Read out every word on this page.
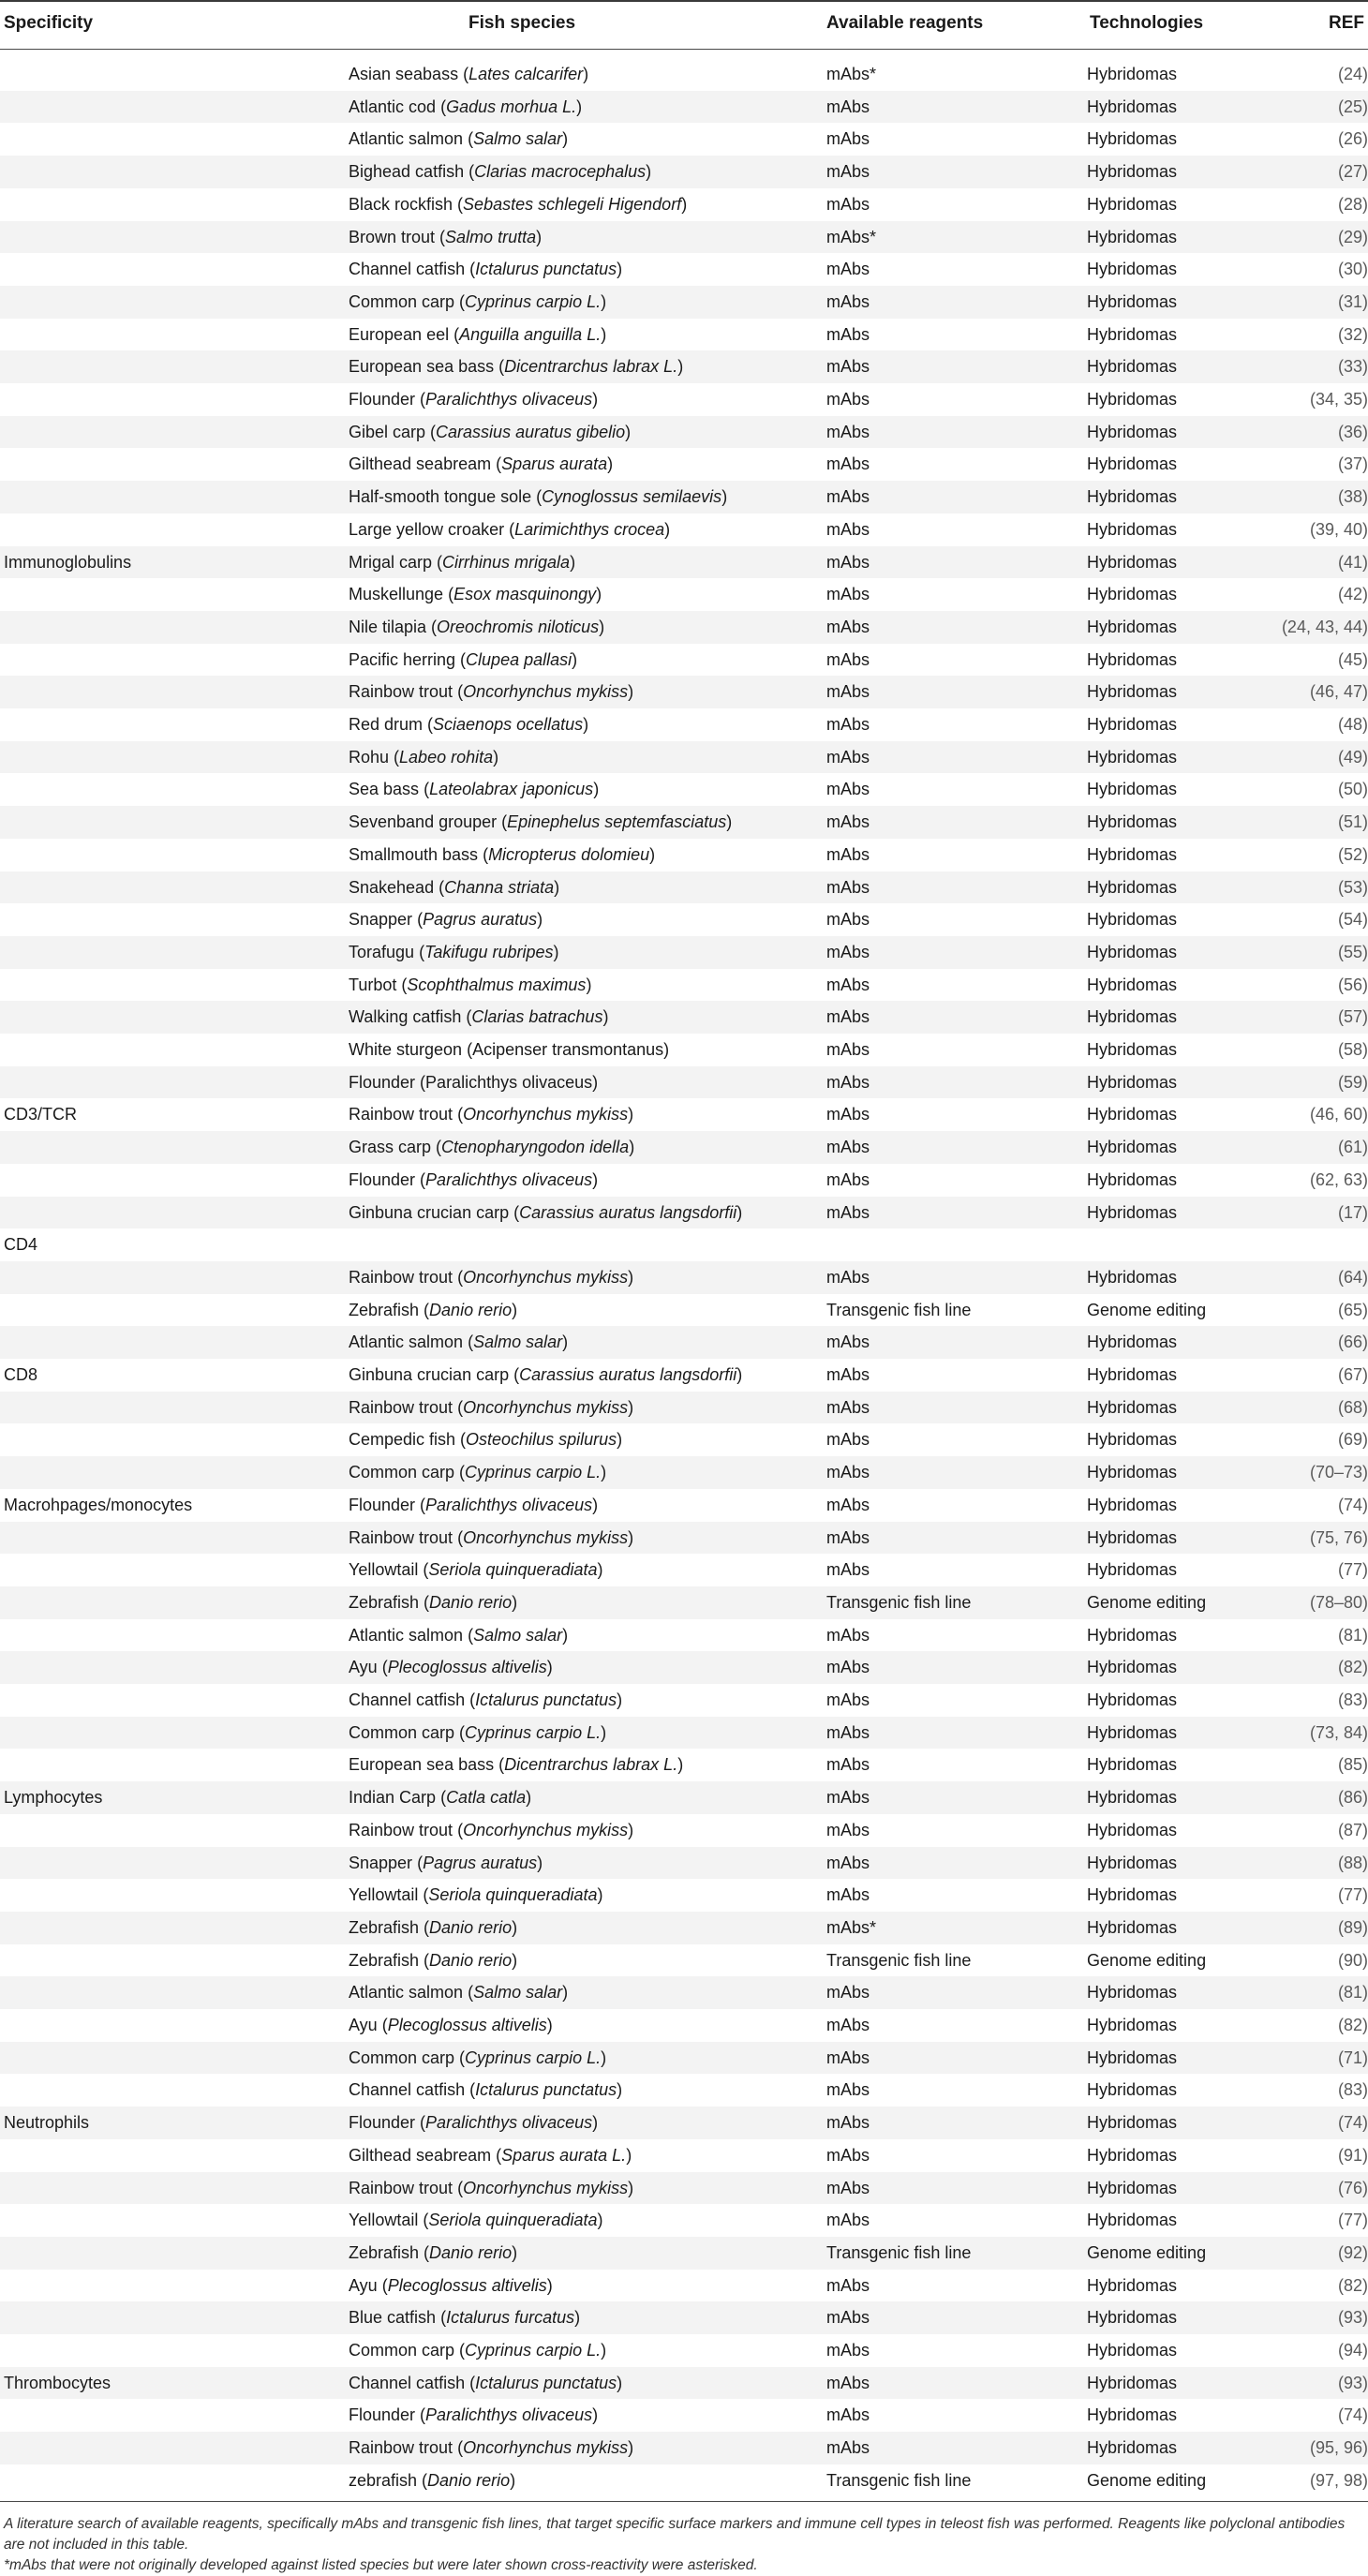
Specificity	Fish species	Available reagents	Technologies	REF
Asian seabass (Lates calcarifer)	mAbs*	Hybridomas	(24)
Atlantic cod (Gadus morhua L.)	mAbs	Hybridomas	(25)
Atlantic salmon (Salmo salar)	mAbs	Hybridomas	(26)
Bighead catfish (Clarias macrocephalus)	mAbs	Hybridomas	(27)
Black rockfish (Sebastes schlegeli Higendorf)	mAbs	Hybridomas	(28)
Brown trout (Salmo trutta)	mAbs*	Hybridomas	(29)
Channel catfish (Ictalurus punctatus)	mAbs	Hybridomas	(30)
Common carp (Cyprinus carpio L.)	mAbs	Hybridomas	(31)
European eel (Anguilla anguilla L.)	mAbs	Hybridomas	(32)
European sea bass (Dicentrarchus labrax L.)	mAbs	Hybridomas	(33)
Flounder (Paralichthys olivaceus)	mAbs	Hybridomas	(34, 35)
Gibel carp (Carassius auratus gibelio)	mAbs	Hybridomas	(36)
Gilthead seabream (Sparus aurata)	mAbs	Hybridomas	(37)
Half-smooth tongue sole (Cynoglossus semilaevis)	mAbs	Hybridomas	(38)
Large yellow croaker (Larimichthys crocea)	mAbs	Hybridomas	(39, 40)
Immunoglobulins	Mrigal carp (Cirrhinus mrigala)	mAbs	Hybridomas	(41)
Muskellunge (Esox masquinongy)	mAbs	Hybridomas	(42)
Nile tilapia (Oreochromis niloticus)	mAbs	Hybridomas	(24, 43, 44)
Pacific herring (Clupea pallasi)	mAbs	Hybridomas	(45)
Rainbow trout (Oncorhynchus mykiss)	mAbs	Hybridomas	(46, 47)
Red drum (Sciaenops ocellatus)	mAbs	Hybridomas	(48)
Rohu (Labeo rohita)	mAbs	Hybridomas	(49)
Sea bass (Lateolabrax japonicus)	mAbs	Hybridomas	(50)
Sevenband grouper (Epinephelus septemfasciatus)	mAbs	Hybridomas	(51)
Smallmouth bass (Micropterus dolomieu)	mAbs	Hybridomas	(52)
Snakehead (Channa striata)	mAbs	Hybridomas	(53)
Snapper (Pagrus auratus)	mAbs	Hybridomas	(54)
Torafugu (Takifugu rubripes)	mAbs	Hybridomas	(55)
Turbot (Scophthalmus maximus)	mAbs	Hybridomas	(56)
Walking catfish (Clarias batrachus)	mAbs	Hybridomas	(57)
White sturgeon (Acipenser transmontanus)	mAbs	Hybridomas	(58)
Flounder (Paralichthys olivaceus)	mAbs	Hybridomas	(59)
CD3/TCR	Rainbow trout (Oncorhynchus mykiss)	mAbs	Hybridomas	(46, 60)
Grass carp (Ctenopharyngodon idella)	mAbs	Hybridomas	(61)
Flounder (Paralichthys olivaceus)	mAbs	Hybridomas	(62, 63)
Ginbuna crucian carp (Carassius auratus langsdorfii)	mAbs	Hybridomas	(17)
CD4
Rainbow trout (Oncorhynchus mykiss)	mAbs	Hybridomas	(64)
Zebrafish (Danio rerio)	Transgenic fish line	Genome editing	(65)
Atlantic salmon (Salmo salar)	mAbs	Hybridomas	(66)
CD8	Ginbuna crucian carp (Carassius auratus langsdorfii)	mAbs	Hybridomas	(67)
Rainbow trout (Oncorhynchus mykiss)	mAbs	Hybridomas	(68)
Cempedic fish (Osteochilus spilurus)	mAbs	Hybridomas	(69)
Common carp (Cyprinus carpio L.)	mAbs	Hybridomas	(70–73)
Macrohpages/monocytes	Flounder (Paralichthys olivaceus)	mAbs	Hybridomas	(74)
Rainbow trout (Oncorhynchus mykiss)	mAbs	Hybridomas	(75, 76)
Yellowtail (Seriola quinqueradiata)	mAbs	Hybridomas	(77)
Zebrafish (Danio rerio)	Transgenic fish line	Genome editing	(78–80)
Atlantic salmon (Salmo salar)	mAbs	Hybridomas	(81)
Ayu (Plecoglossus altivelis)	mAbs	Hybridomas	(82)
Channel catfish (Ictalurus punctatus)	mAbs	Hybridomas	(83)
Common carp (Cyprinus carpio L.)	mAbs	Hybridomas	(73, 84)
European sea bass (Dicentrarchus labrax L.)	mAbs	Hybridomas	(85)
Lymphocytes	Indian Carp (Catla catla)	mAbs	Hybridomas	(86)
Rainbow trout (Oncorhynchus mykiss)	mAbs	Hybridomas	(87)
Snapper (Pagrus auratus)	mAbs	Hybridomas	(88)
Yellowtail (Seriola quinqueradiata)	mAbs	Hybridomas	(77)
Zebrafish (Danio rerio)	mAbs*	Hybridomas	(89)
Zebrafish (Danio rerio)	Transgenic fish line	Genome editing	(90)
Atlantic salmon (Salmo salar)	mAbs	Hybridomas	(81)
Ayu (Plecoglossus altivelis)	mAbs	Hybridomas	(82)
Common carp (Cyprinus carpio L.)	mAbs	Hybridomas	(71)
Channel catfish (Ictalurus punctatus)	mAbs	Hybridomas	(83)
Neutrophils	Flounder (Paralichthys olivaceus)	mAbs	Hybridomas	(74)
Gilthead seabream (Sparus aurata L.)	mAbs	Hybridomas	(91)
Rainbow trout (Oncorhynchus mykiss)	mAbs	Hybridomas	(76)
Yellowtail (Seriola quinqueradiata)	mAbs	Hybridomas	(77)
Zebrafish (Danio rerio)	Transgenic fish line	Genome editing	(92)
Ayu (Plecoglossus altivelis)	mAbs	Hybridomas	(82)
Blue catfish (Ictalurus furcatus)	mAbs	Hybridomas	(93)
Common carp (Cyprinus carpio L.)	mAbs	Hybridomas	(94)
Thrombocytes	Channel catfish (Ictalurus punctatus)	mAbs	Hybridomas	(93)
Flounder (Paralichthys olivaceus)	mAbs	Hybridomas	(74)
Rainbow trout (Oncorhynchus mykiss)	mAbs	Hybridomas	(95, 96)
zebrafish (Danio rerio)	Transgenic fish line	Genome editing	(97, 98)
A literature search of available reagents, specifically mAbs and transgenic fish lines, that target specific surface markers and immune cell types in teleost fish was performed. Reagents like polyclonal antibodies are not included in this table.
*mAbs that were not originally developed against listed species but were later shown cross-reactivity were asterisked.
